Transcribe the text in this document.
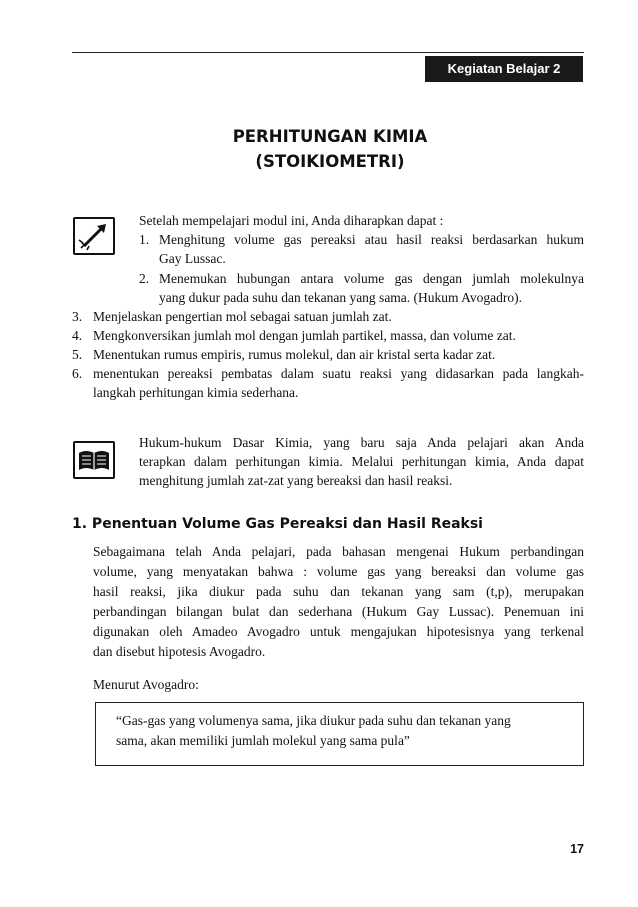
Kegiatan Belajar 2
PERHITUNGAN KIMIA
(STOIKIOMETRI)
Setelah mempelajari modul ini, Anda diharapkan dapat :
1. Menghitung volume gas pereaksi atau hasil reaksi berdasarkan hukum
Gay Lussac.
2. Menemukan hubungan antara volume gas dengan jumlah molekulnya
yang dukur pada suhu dan tekanan yang sama. (Hukum Avogadro).
3. Menjelaskan pengertian mol sebagai satuan jumlah zat.
4. Mengkonversikan jumlah mol dengan jumlah partikel, massa, dan volume zat.
5. Menentukan rumus empiris, rumus molekul, dan air kristal serta kadar zat.
6. menentukan pereaksi pembatas dalam suatu reaksi yang didasarkan pada langkah-
langkah perhitungan kimia sederhana.
Hukum-hukum Dasar Kimia, yang baru saja Anda pelajari akan Anda
terapkan dalam perhitungan kimia. Melalui perhitungan kimia, Anda dapat
menghitung jumlah zat-zat yang bereaksi dan hasil reaksi.
1. Penentuan Volume Gas Pereaksi dan Hasil Reaksi
Sebagaimana telah Anda pelajari, pada bahasan mengenai Hukum perbandingan
volume, yang menyatakan bahwa : volume gas yang bereaksi dan volume gas
hasil reaksi, jika diukur pada suhu dan tekanan yang sam (t,p), merupakan
perbandingan bilangan bulat dan sederhana (Hukum Gay Lussac). Penemuan ini
digunakan oleh Amadeo Avogadro untuk mengajukan hipotesisnya yang terkenal
dan disebut hipotesis Avogadro.
Menurut Avogadro:
“Gas-gas yang volumenya sama, jika diukur pada suhu dan tekanan yang
sama, akan memiliki jumlah molekul yang sama pula”
17
